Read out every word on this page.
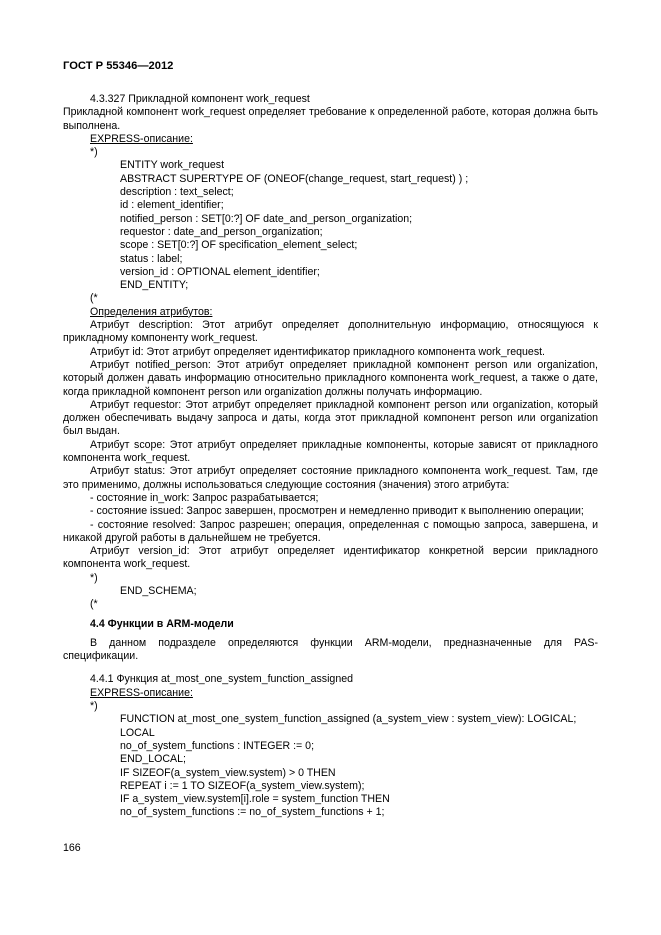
ГОСТ Р 55346—2012

4.3.327 Прикладной компонент work_request

Прикладной компонент work_request определяет требование к определенной работе, которая должна быть выполнена.

EXPRESS-описание:

*)

ENTITY work_request

ABSTRACT SUPERTYPE OF (ONEOF(change_request, start_request) ) ;

description : text_select;

id : element_identifier;

notified_person : SET[0:?] OF date_and_person_organization;

requestor : date_and_person_organization;

scope : SET[0:?] OF specification_element_select;

status : label;

version_id : OPTIONAL element_identifier;

END_ENTITY;

(*

Определения атрибутов:

Атрибут description: Этот атрибут определяет дополнительную информацию, относящуюся к прикладному компоненту work_request.

Атрибут id: Этот атрибут определяет идентификатор прикладного компонента work_request.

Атрибут notified_person: Этот атрибут определяет прикладной компонент person или organization, который должен давать информацию относительно прикладного компонента work_request, а также о дате, когда прикладной компонент person или organization должны получать информацию.

Атрибут requestor: Этот атрибут определяет прикладной компонент person или organization, который должен обеспечивать выдачу запроса и даты, когда этот прикладной компонент person или organization был выдан.

Атрибут scope: Этот атрибут определяет прикладные компоненты, которые зависят от прикладного компонента work_request.

Атрибут status: Этот атрибут определяет состояние прикладного компонента work_request. Там, где это применимо, должны использоваться следующие состояния (значения) этого атрибута:

- состояние in_work: Запрос разрабатывается;

- состояние issued: Запрос завершен, просмотрен и немедленно приводит к выполнению операции;

- состояние resolved: Запрос разрешен; операция, определенная с помощью запроса, завершена, и никакой другой работы в дальнейшем не требуется.

Атрибут version_id: Этот атрибут определяет идентификатор конкретной версии прикладного компонента work_request.

*)

END_SCHEMA;

(*

4.4 Функции в ARM-модели

В данном подразделе определяются функции ARM-модели, предназначенные для PAS-спецификации.

4.4.1 Функция at_most_one_system_function_assigned

EXPRESS-описание:

*)

FUNCTION at_most_one_system_function_assigned (a_system_view : system_view): LOGICAL;

LOCAL

no_of_system_functions : INTEGER := 0;

END_LOCAL;

IF SIZEOF(a_system_view.system) > 0 THEN

REPEAT i := 1 TO SIZEOF(a_system_view.system);

IF a_system_view.system[i].role = system_function THEN

no_of_system_functions := no_of_system_functions + 1;

166
